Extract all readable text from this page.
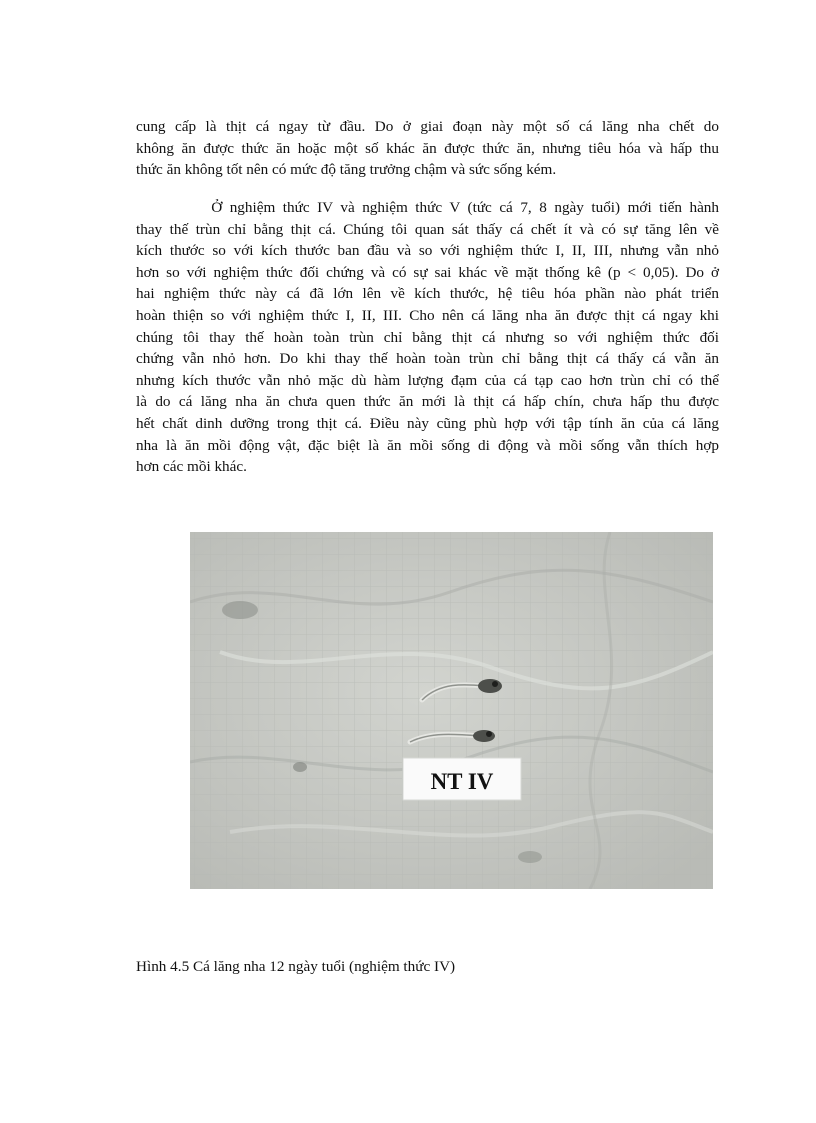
cung cấp là thịt cá ngay từ đầu. Do ở giai đoạn này một số cá lăng nha chết do
không ăn được thức ăn hoặc một số khác ăn được thức ăn, nhưng tiêu hóa và hấp thu
thức ăn không tốt nên có mức độ tăng trưởng chậm và sức sống kém.
Ở nghiệm thức IV và nghiệm thức V (tức cá 7, 8 ngày tuổi) mới tiến hành
thay thế trùn chỉ bằng thịt cá. Chúng tôi quan sát thấy cá chết ít và có sự tăng lên về
kích thước so với kích thước ban đầu và so với nghiệm thức I, II, III, nhưng vẫn nhỏ
hơn so với nghiệm thức đối chứng và có sự sai khác về mặt thống kê (p < 0,05). Do ở
hai nghiệm thức này cá đã lớn lên về kích thước, hệ tiêu hóa phần nào phát triển
hoàn thiện so với nghiệm thức I, II, III. Cho nên cá lăng nha ăn được thịt cá ngay khi
chúng tôi thay thế hoàn toàn trùn chỉ bằng thịt cá nhưng so với nghiệm thức đối
chứng vẫn nhỏ hơn. Do khi thay thế hoàn toàn trùn chỉ bằng thịt cá thấy cá vẫn ăn
nhưng kích thước vẫn nhỏ mặc dù hàm lượng đạm của cá tạp cao hơn trùn chỉ có thể
là do cá lăng nha ăn chưa quen thức ăn mới là thịt cá hấp chín, chưa hấp thu được
hết chất dinh dưỡng trong thịt cá. Điều này cũng phù hợp với tập tính ăn của cá lăng
nha là ăn mồi động vật, đặc biệt là ăn mồi sống di động và mồi sống vẫn thích hợp
hơn các mồi khác.
NT IV

Hình 4.5 Cá lăng nha 12 ngày tuổi (nghiệm thức IV)
